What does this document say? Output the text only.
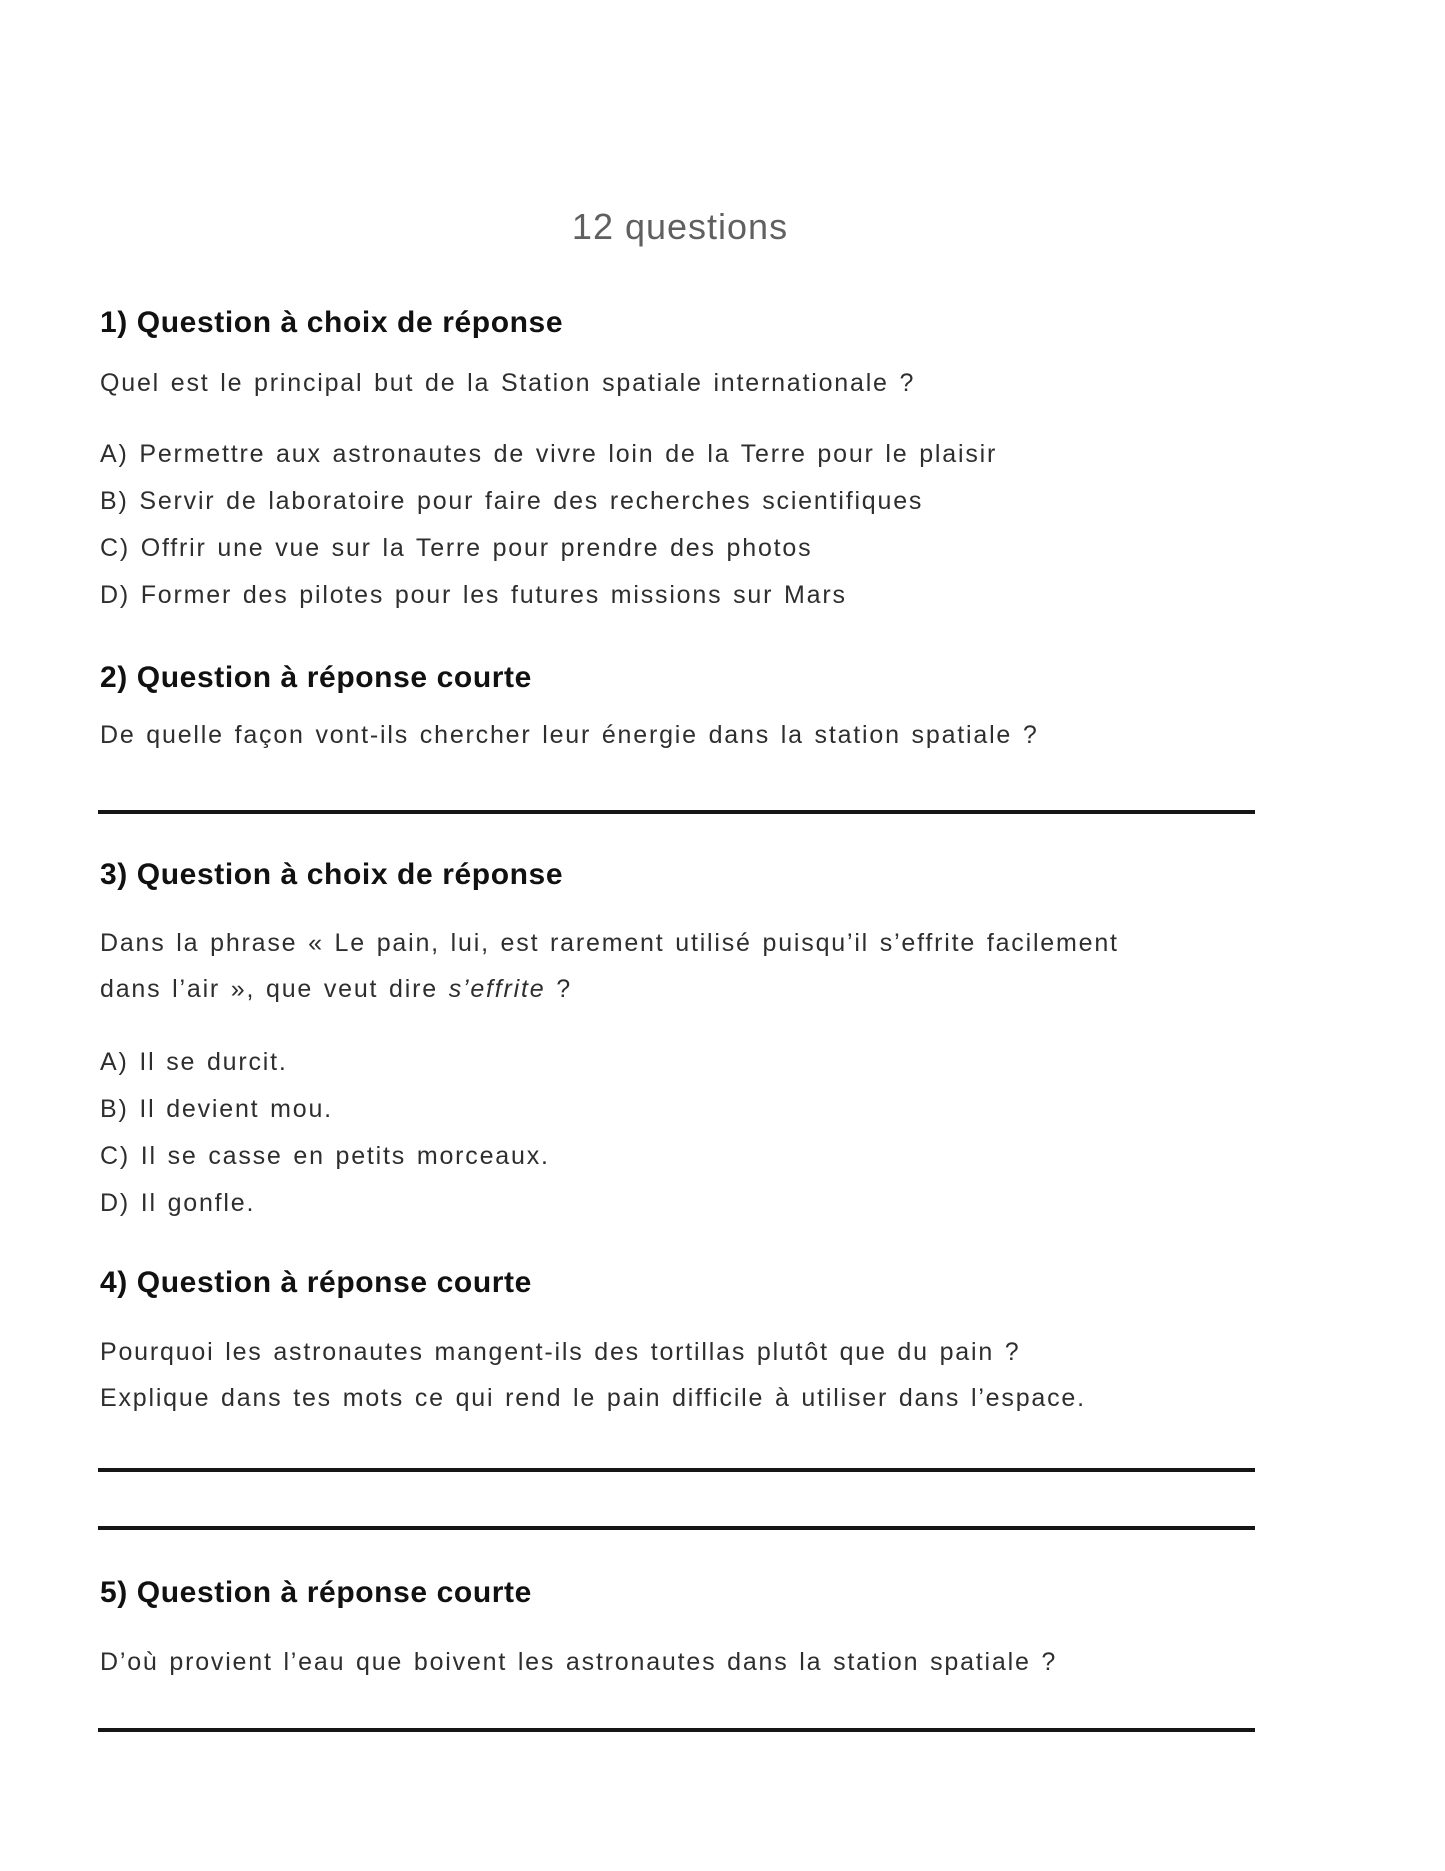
12 questions
1) Question à choix de réponse
Quel est le principal but de la Station spatiale internationale ?
A) Permettre aux astronautes de vivre loin de la Terre pour le plaisir
B) Servir de laboratoire pour faire des recherches scientifiques
C) Offrir une vue sur la Terre pour prendre des photos
D) Former des pilotes pour les futures missions sur Mars
2) Question à réponse courte
De quelle façon vont-ils chercher leur énergie dans la station spatiale ?
3) Question à choix de réponse
Dans la phrase « Le pain, lui, est rarement utilisé puisqu’il s’effrite facilement
dans l’air », que veut dire s’effrite ?
A) Il se durcit.
B) Il devient mou.
C) Il se casse en petits morceaux.
D) Il gonfle.
4) Question à réponse courte
Pourquoi les astronautes mangent-ils des tortillas plutôt que du pain ?
Explique dans tes mots ce qui rend le pain difficile à utiliser dans l’espace.
5) Question à réponse courte
D’où provient l’eau que boivent les astronautes dans la station spatiale ?
